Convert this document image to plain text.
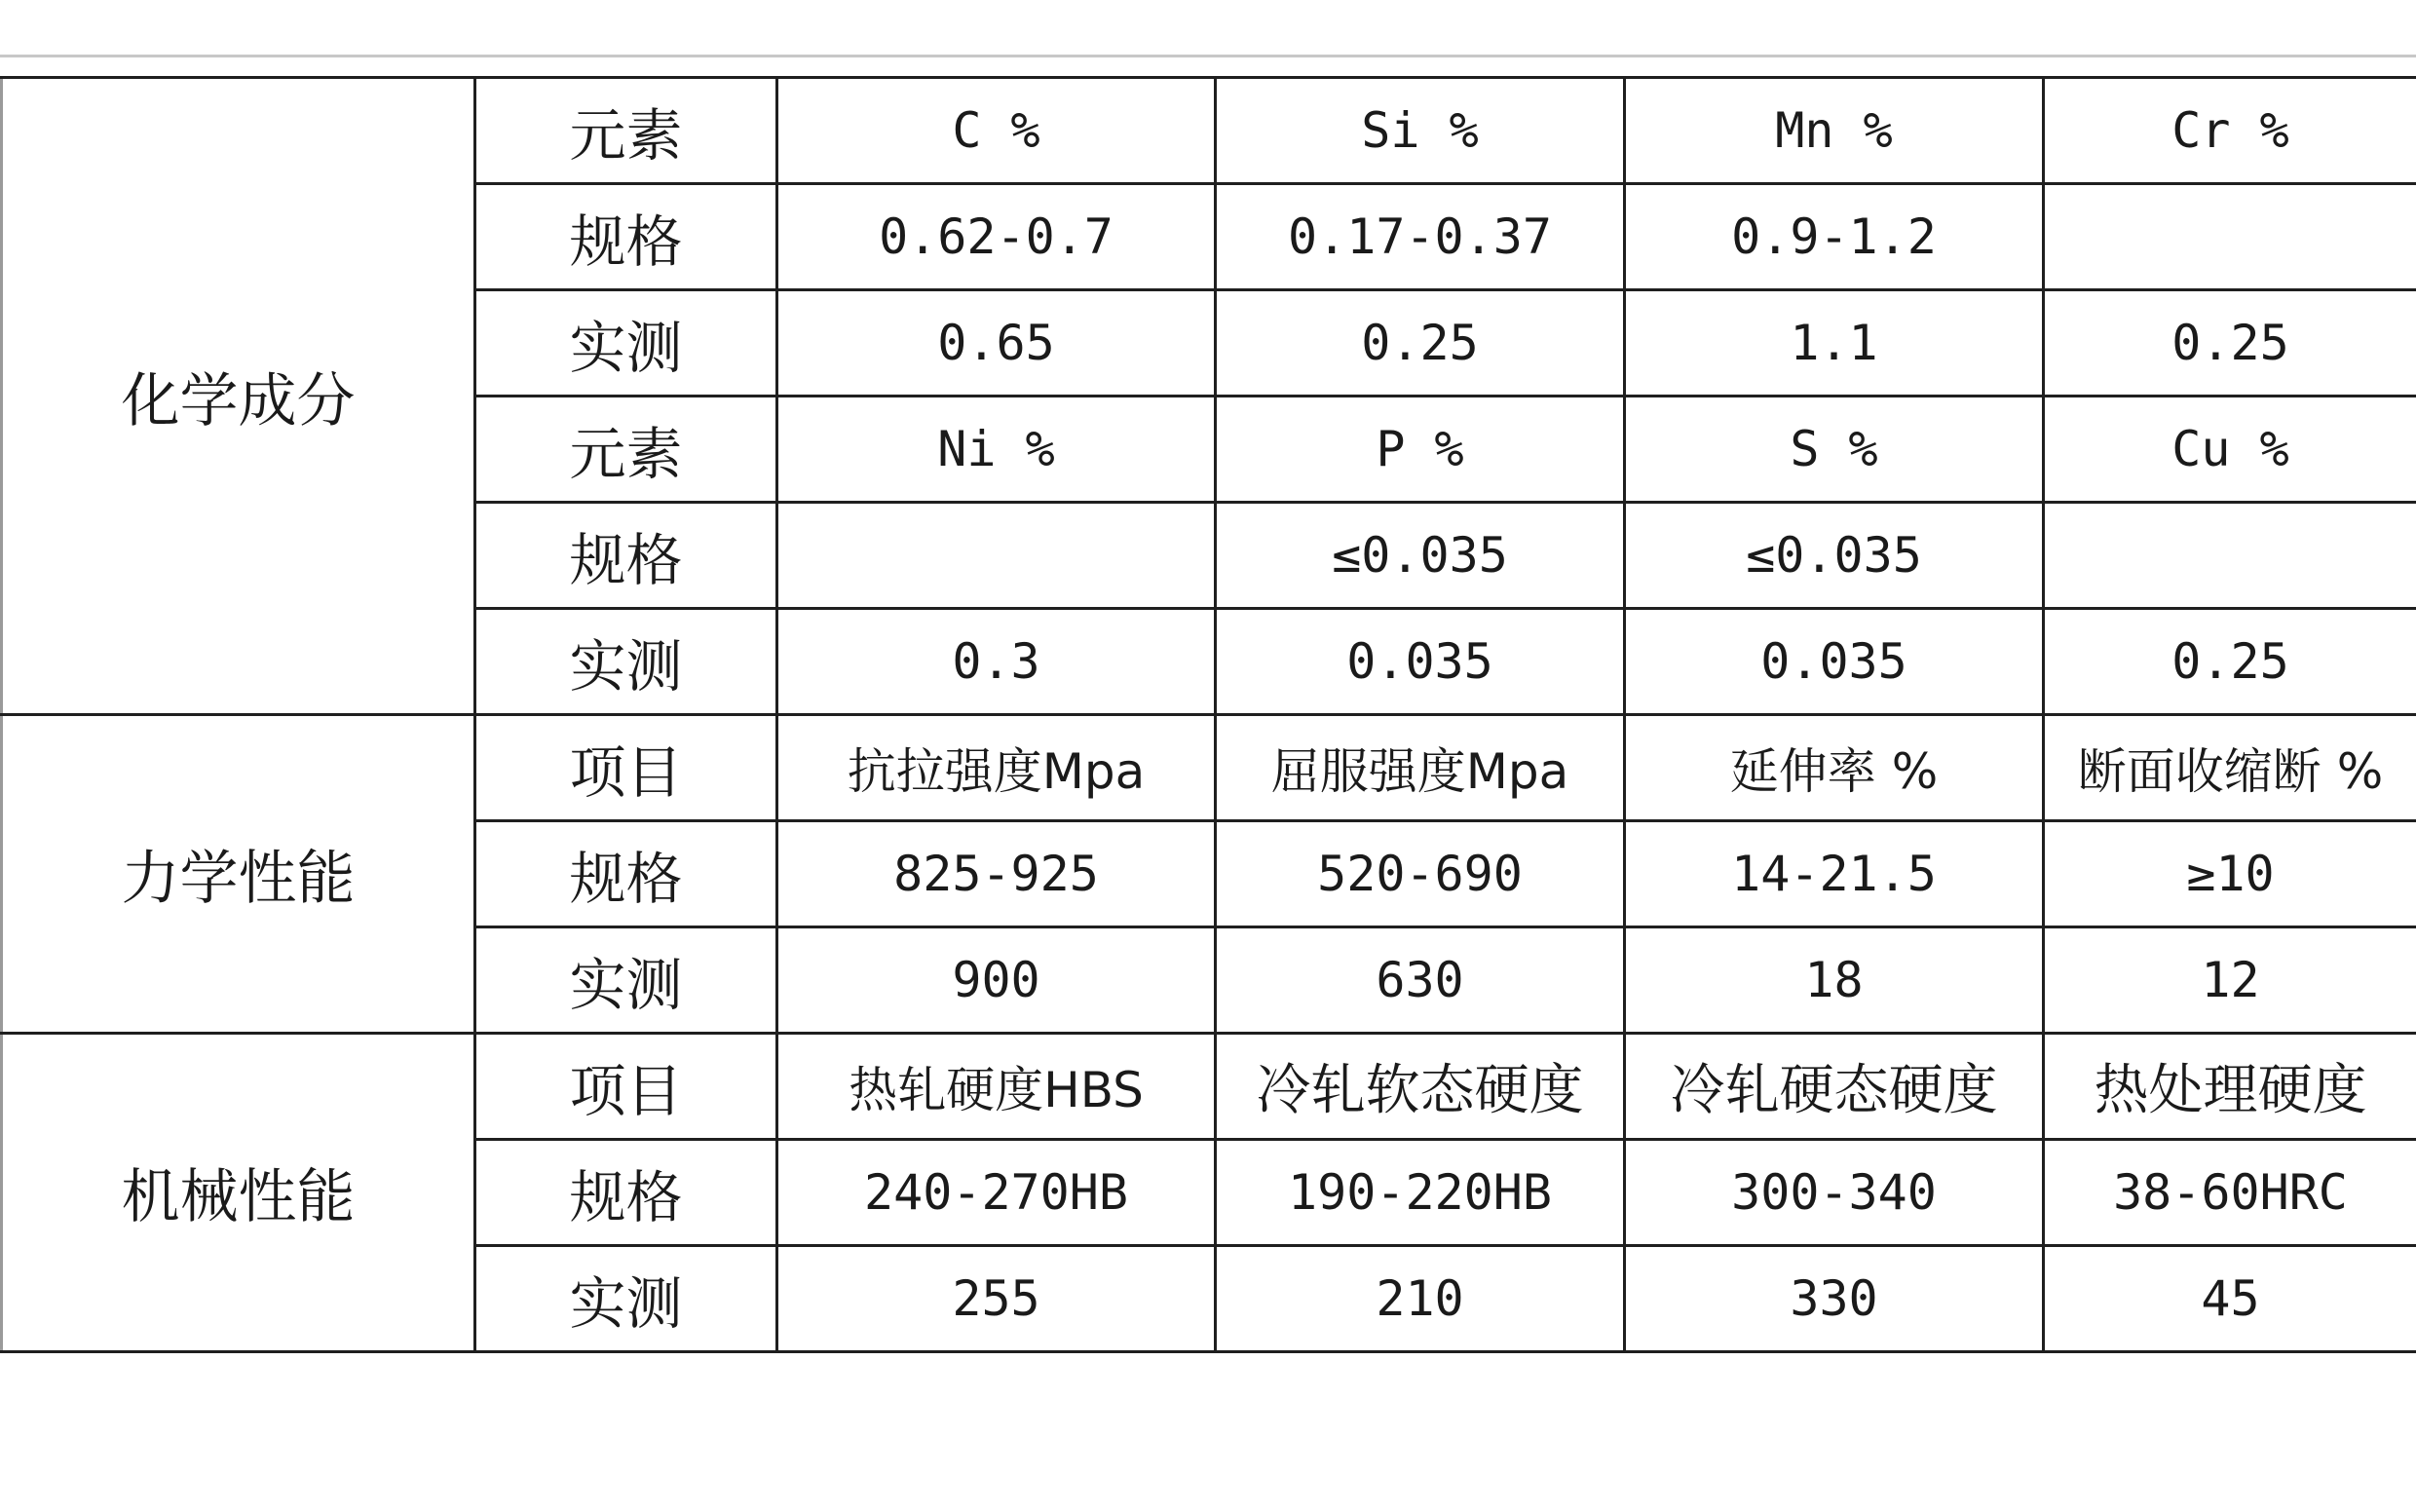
化学成分	元素	C %	Si %	Mn %	Cr %
	规格	0.62-0.7	0.17-0.37	0.9-1.2	
	实测	0.65	0.25	1.1	0.25
	元素	Ni %	P %	S %	Cu %
	规格		≤0.035	≤0.035	
	实测	0.3	0.035	0.035	0.25
力学性能	项目	抗拉强度Mpa	屈服强度Mpa	延伸率 %	断面收缩断 %
	规格	825-925	520-690	14-21.5	≥10
	实测	900	630	18	12
机械性能	项目	热轧硬度HBS	冷轧软态硬度	冷轧硬态硬度	热处理硬度
	规格	240-270HB	190-220HB	300-340	38-60HRC
	实测	255	210	330	45
